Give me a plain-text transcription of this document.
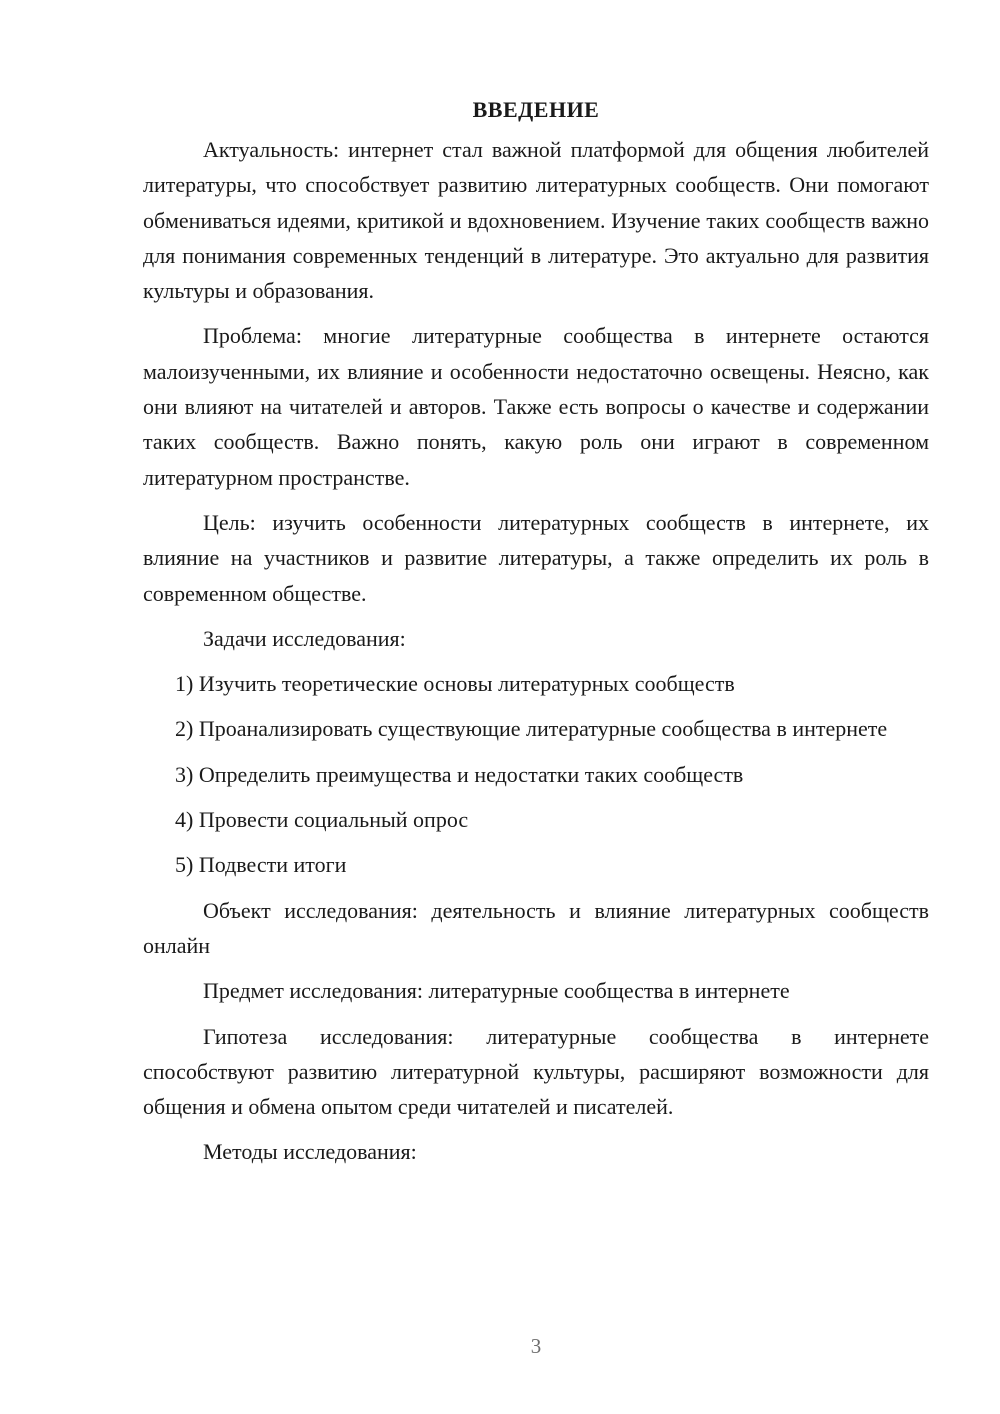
ВВЕДЕНИЕ

Актуальность: интернет стал важной платформой для общения любителей литературы, что способствует развитию литературных сообществ. Они помогают обмениваться идеями, критикой и вдохновением. Изучение таких сообществ важно для понимания современных тенденций в литературе. Это актуально для развития культуры и образования.

Проблема: многие литературные сообщества в интернете остаются малоизученными, их влияние и особенности недостаточно освещены. Неясно, как они влияют на читателей и авторов. Также есть вопросы о качестве и содержании таких сообществ. Важно понять, какую роль они играют в современном литературном пространстве.

Цель: изучить особенности литературных сообществ в интернете, их влияние на участников и развитие литературы, а также определить их роль в современном обществе.

Задачи исследования:

1) Изучить теоретические основы литературных сообществ

2) Проанализировать существующие литературные сообщества в интернете

3) Определить преимущества и недостатки таких сообществ

4) Провести социальный опрос

5) Подвести итоги

Объект исследования: деятельность и влияние литературных сообществ онлайн

Предмет исследования: литературные сообщества в интернете

Гипотеза исследования: литературные сообщества в интернете способствуют развитию литературной культуры, расширяют возможности для общения и обмена опытом среди читателей и писателей.

Методы исследования:

3
